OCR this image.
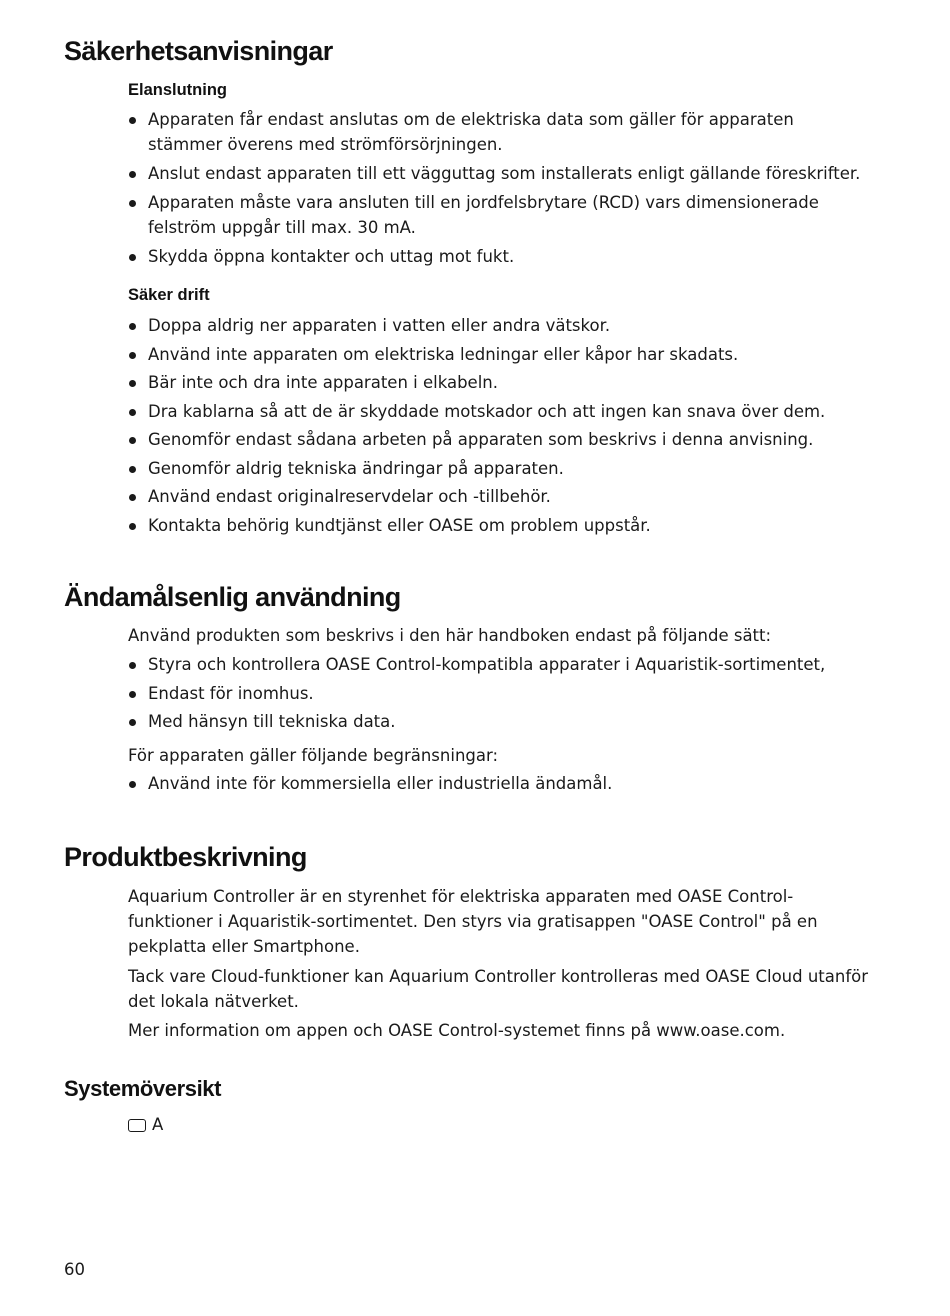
Säkerhetsanvisningar
Elanslutning
Apparaten får endast anslutas om de elektriska data som gäller för apparaten stämmer överens med strömförsörjningen.
Anslut endast apparaten till ett vägguttag som installerats enligt gällande föreskrifter.
Apparaten måste vara ansluten till en jordfelsbrytare (RCD) vars dimensionerade felström uppgår till max. 30 mA.
Skydda öppna kontakter och uttag mot fukt.
Säker drift
Doppa aldrig ner apparaten i vatten eller andra vätskor.
Använd inte apparaten om elektriska ledningar eller kåpor har skadats.
Bär inte och dra inte apparaten i elkabeln.
Dra kablarna så att de är skyddade motskador och att ingen kan snava över dem.
Genomför endast sådana arbeten på apparaten som beskrivs i denna anvisning.
Genomför aldrig tekniska ändringar på apparaten.
Använd endast originalreservdelar och -tillbehör.
Kontakta behörig kundtjänst eller OASE om problem uppstår.
Ändamålsenlig användning

Använd produkten som beskrivs i den här handboken endast på följande sätt:

Styra och kontrollera OASE Control-kompatibla apparater i Aquaristik-sortimentet,
Endast för inomhus.
Med hänsyn till tekniska data.

För apparaten gäller följande begränsningar:

Använd inte för kommersiella eller industriella ändamål.
Produktbeskrivning

Aquarium Controller är en styrenhet för elektriska apparaten med OASE Control-funktioner i Aquaristik-sortimentet. Den styrs via gratisappen "OASE Control" på en pekplatta eller Smartphone.

Tack vare Cloud-funktioner kan Aquarium Controller kontrolleras med OASE Cloud utanför det lokala nätverket.

Mer information om appen och OASE Control-systemet finns på www.oase.com.

Systemöversikt
A
60
